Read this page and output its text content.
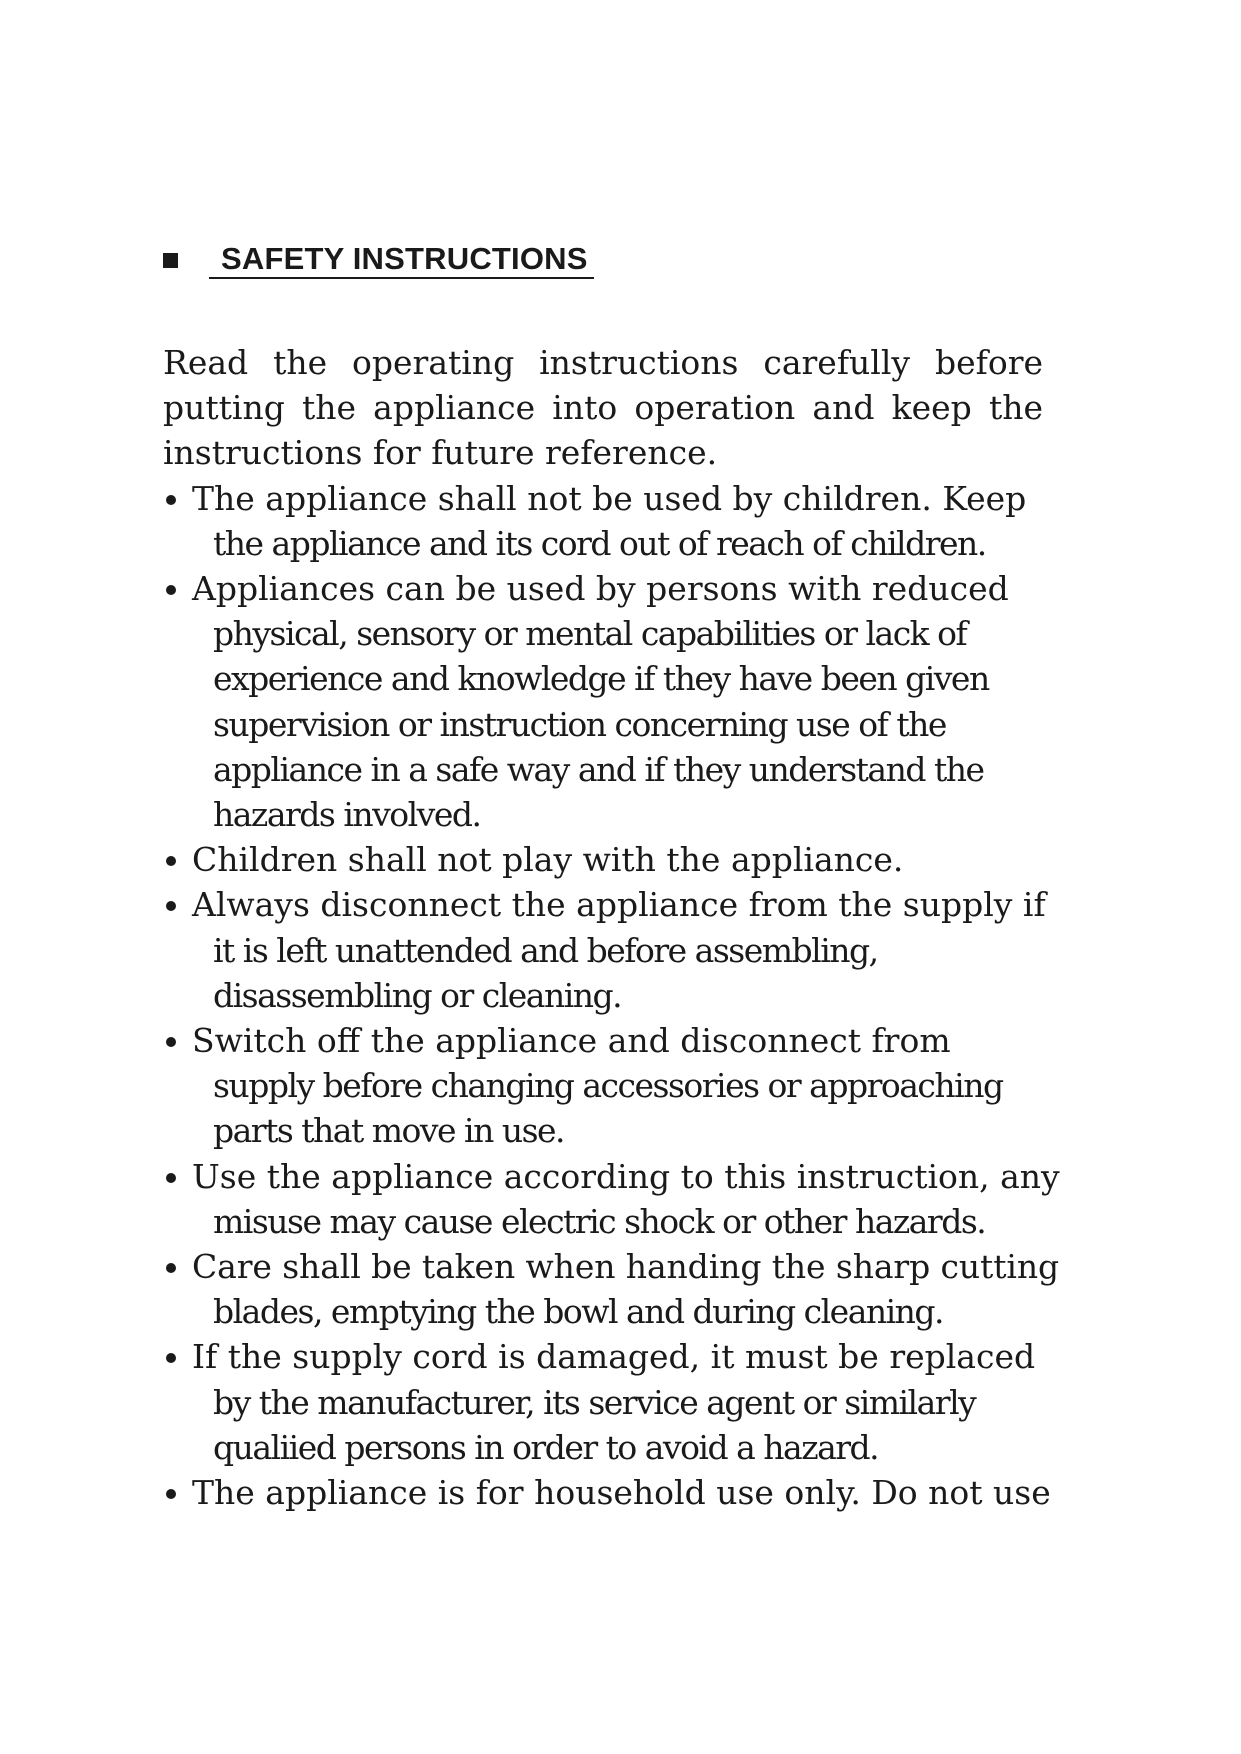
SAFETY INSTRUCTIONS

Read the operating instructions carefully before putting the appliance into operation and keep the instructions for future reference.

The appliance shall not be used by children. Keep
the appliance and its cord out of reach of children.
Appliances can be used by persons with reduced
physical, sensory or mental capabilities or lack of
experience and knowledge if they have been given
supervision or instruction concerning use of the
appliance in a safe way and if they understand the
hazards involved.
Children shall not play with the appliance.
Always disconnect the appliance from the supply if
it is left unattended and before assembling,
disassembling or cleaning.
Switch off the appliance and disconnect from
supply before changing accessories or approaching
parts that move in use.
Use the appliance according to this instruction, any
misuse may cause electric shock or other hazards.
Care shall be taken when handing the sharp cutting
blades, emptying the bowl and during cleaning.
If the supply cord is damaged, it must be replaced
by the manufacturer, its service agent or similarly
qualiied persons in order to avoid a hazard.
The appliance is for household use only. Do not use
